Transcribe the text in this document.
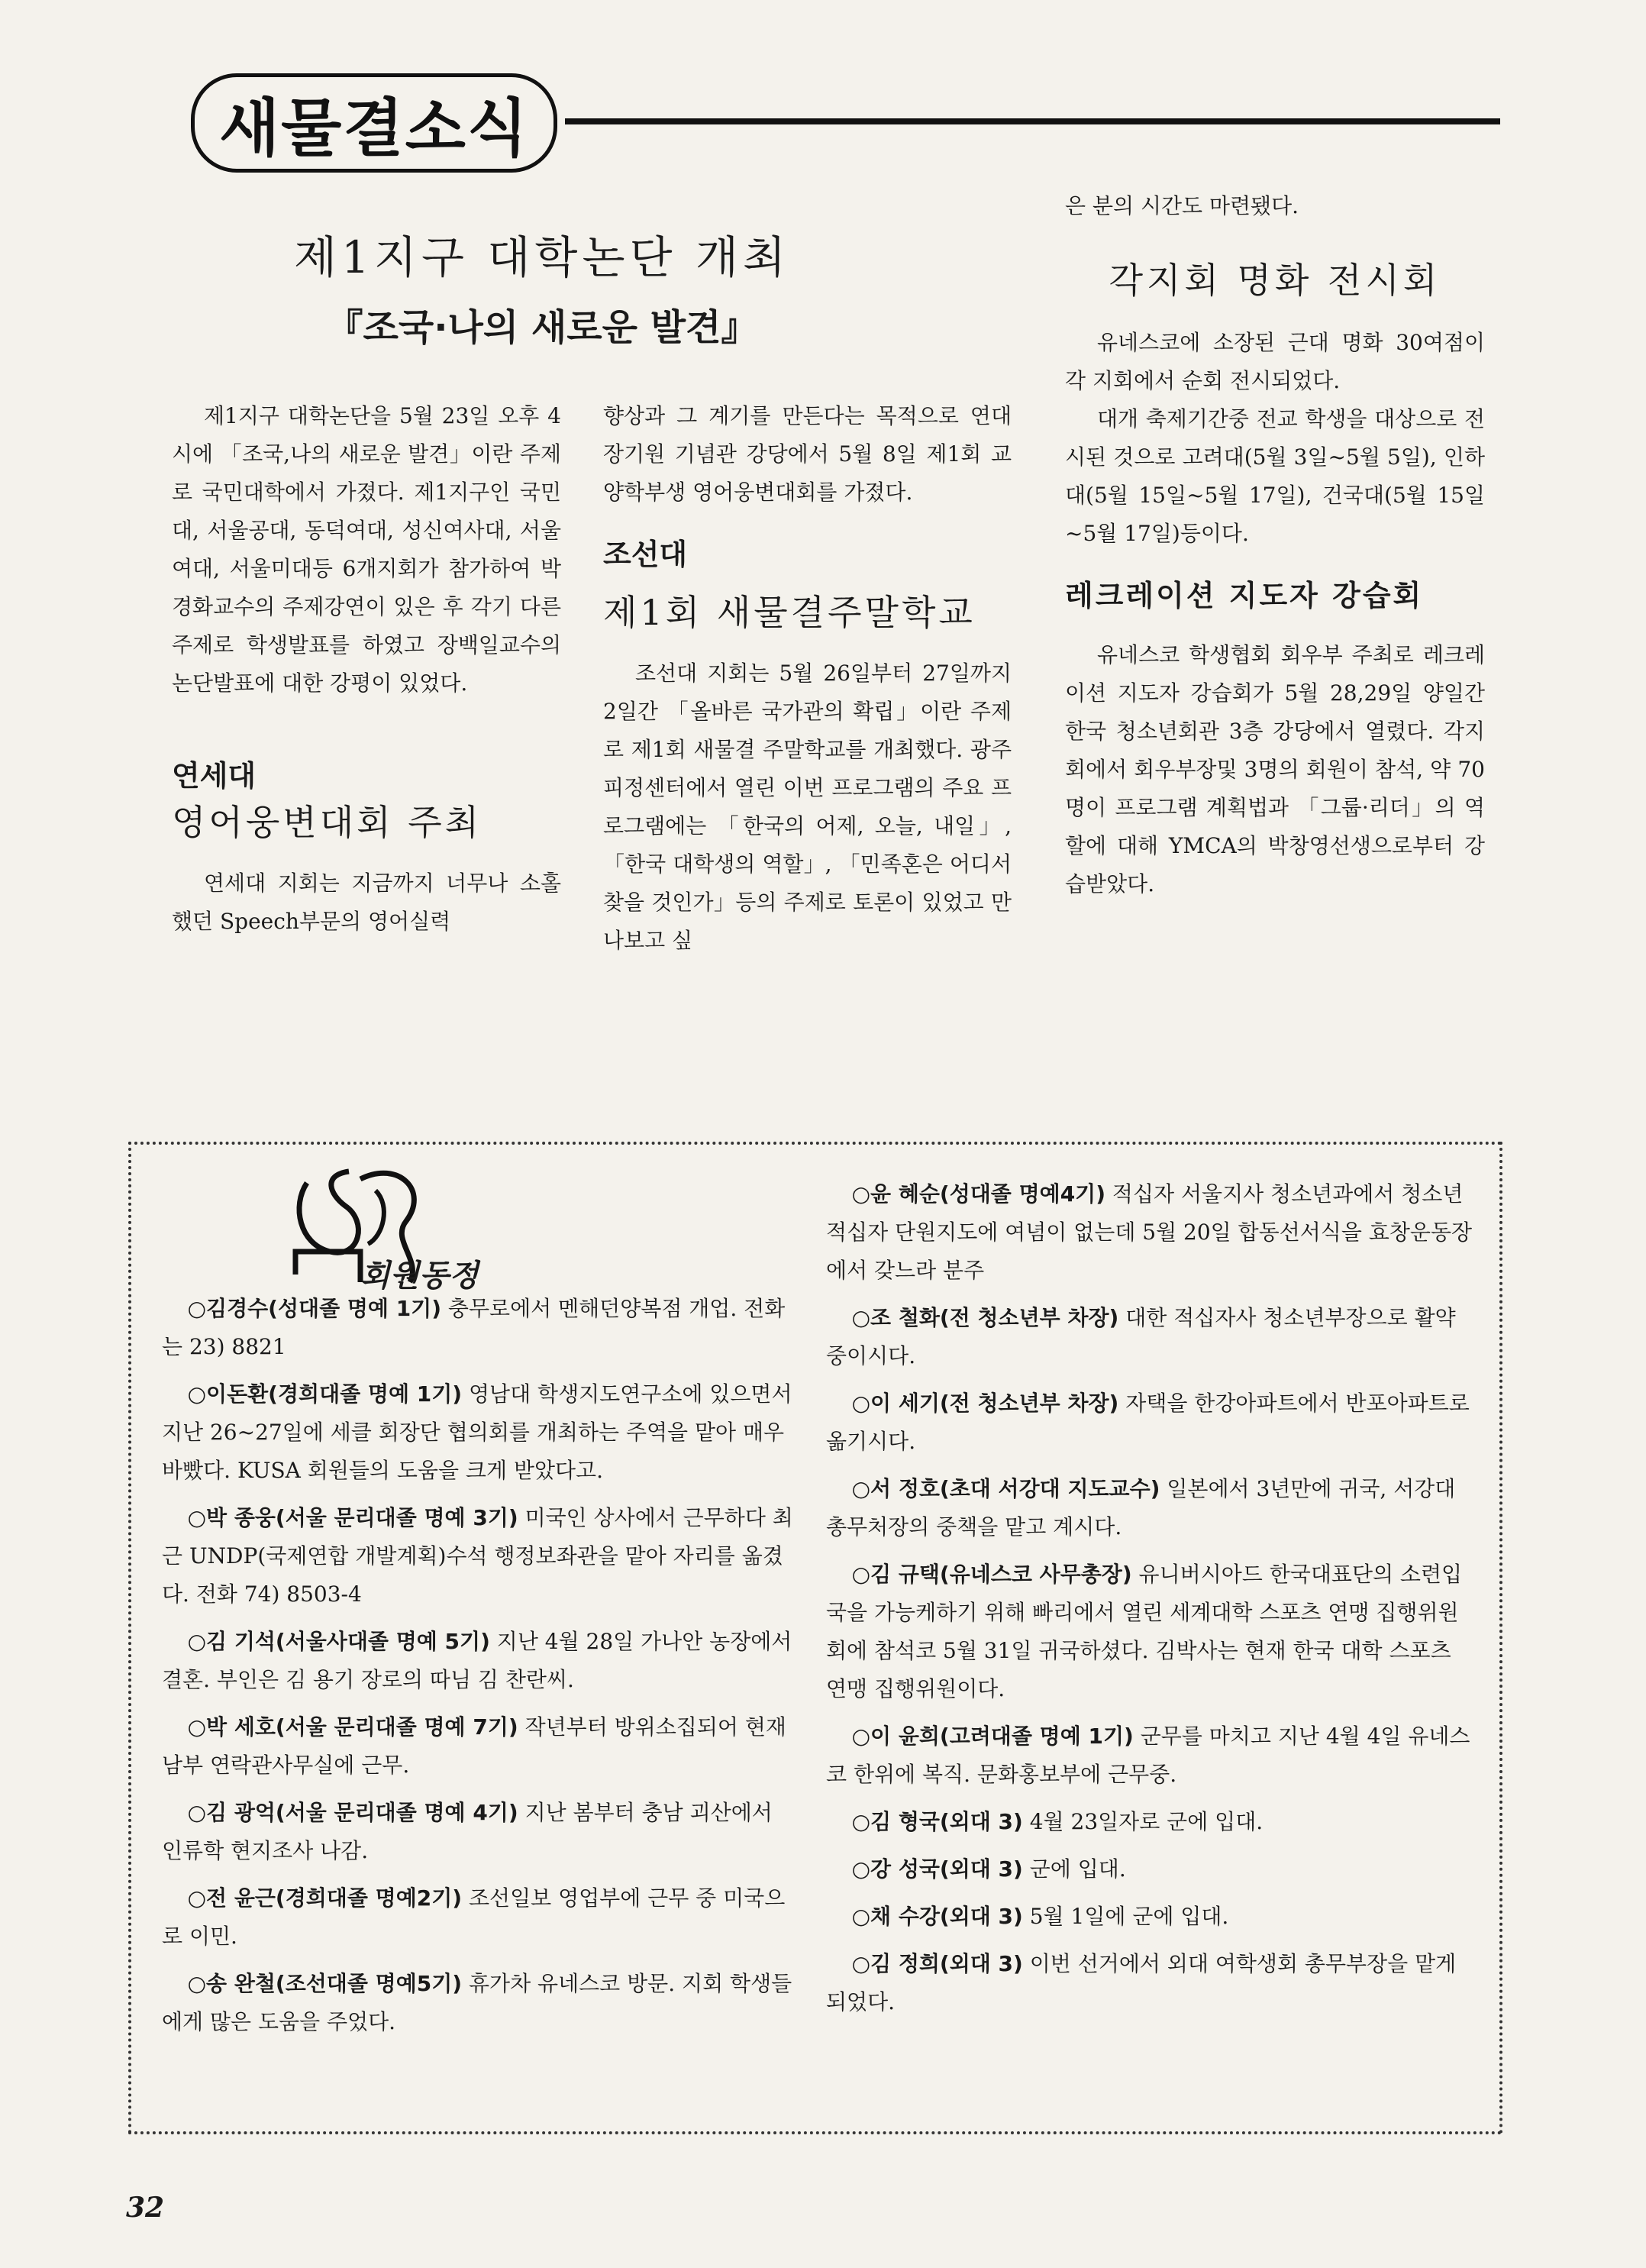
새물결소식
제1지구 대학논단 개최
『조국·나의 새로운 발견』

제1지구 대학논단을 5월 23일 오후 4시에 「조국,나의 새로운 발견」이란 주제로 국민대학에서 가졌다. 제1지구인 국민대, 서울공대, 동덕여대, 성신여사대, 서울여대, 서울미대등 6개지회가 참가하여 박경화교수의 주제강연이 있은 후 각기 다른 주제로 학생발표를 하였고 장백일교수의 논단발표에 대한 강평이 있었다.

연세대
영어웅변대회 주최

연세대 지회는 지금까지 너무나 소홀했던 Speech부문의 영어실력

향상과 그 계기를 만든다는 목적으로 연대 장기원 기념관 강당에서 5월 8일 제1회 교양학부생 영어웅변대회를 가졌다.

조선대
제1회 새물결주말학교

조선대 지회는 5월 26일부터 27일까지 2일간 「올바른 국가관의 확립」이란 주제로 제1회 새물결 주말학교를 개최했다. 광주 피정센터에서 열린 이번 프로그램의 주요 프로그램에는 「한국의 어제, 오늘, 내일」, 「한국 대학생의 역할」, 「민족혼은 어디서 찾을 것인가」등의 주제로 토론이 있었고 만나보고 싶

은 분의 시간도 마련됐다.

각지회 명화 전시회

유네스코에 소장된 근대 명화 30여점이 각 지회에서 순회 전시되었다.

대개 축제기간중 전교 학생을 대상으로 전시된 것으로 고려대(5월 3일~5월 5일), 인하대(5월 15일~5월 17일), 건국대(5월 15일~5월 17일)등이다.

레크레이션 지도자 강습회

유네스코 학생협회 회우부 주최로 레크레이션 지도자 강습회가 5월 28,29일 양일간 한국 청소년회관 3층 강당에서 열렸다. 각지회에서 회우부장및 3명의 회원이 참석, 약 70명이 프로그램 계획법과 「그룹·리더」의 역할에 대해 YMCA의 박창영선생으로부터 강습받았다.

회원동정

○김경수(성대졸 명예 1기) 충무로에서 멘해던양복점 개업. 전화는 23) 8821

○이돈환(경희대졸 명예 1기) 영남대 학생지도연구소에 있으면서 지난 26~27일에 세클 회장단 협의회를 개최하는 주역을 맡아 매우 바빴다. KUSA 회원들의 도움을 크게 받았다고.

○박 종웅(서울 문리대졸 명예 3기) 미국인 상사에서 근무하다 최근 UNDP(국제연합 개발계획)수석 행정보좌관을 맡아 자리를 옮겼다. 전화 74) 8503-4

○김 기석(서울사대졸 명예 5기) 지난 4월 28일 가나안 농장에서 결혼. 부인은 김 용기 장로의 따님 김 찬란씨.

○박 세호(서울 문리대졸 명예 7기) 작년부터 방위소집되어 현재 남부 연락관사무실에 근무.

○김 광억(서울 문리대졸 명예 4기) 지난 봄부터 충남 괴산에서 인류학 현지조사 나감.

○전 윤근(경희대졸 명예2기) 조선일보 영업부에 근무 중 미국으로 이민.

○송 완철(조선대졸 명예5기) 휴가차 유네스코 방문. 지회 학생들에게 많은 도움을 주었다.

○윤 혜순(성대졸 명예4기) 적십자 서울지사 청소년과에서 청소년 적십자 단원지도에 여념이 없는데 5월 20일 합동선서식을 효창운동장에서 갖느라 분주

○조 철화(전 청소년부 차장) 대한 적십자사 청소년부장으로 활약 중이시다.

○이 세기(전 청소년부 차장) 자택을 한강아파트에서 반포아파트로 옮기시다.

○서 정호(초대 서강대 지도교수) 일본에서 3년만에 귀국, 서강대 총무처장의 중책을 맡고 계시다.

○김 규택(유네스코 사무총장) 유니버시아드 한국대표단의 소련입국을 가능케하기 위해 빠리에서 열린 세계대학 스포츠 연맹 집행위원회에 참석코 5월 31일 귀국하셨다. 김박사는 현재 한국 대학 스포츠 연맹 집행위원이다.

○이 윤희(고려대졸 명예 1기) 군무를 마치고 지난 4월 4일 유네스코 한위에 복직. 문화홍보부에 근무중.

○김 형국(외대 3) 4월 23일자로 군에 입대.

○강 성국(외대 3) 군에 입대.

○채 수강(외대 3) 5월 1일에 군에 입대.

○김 정희(외대 3) 이번 선거에서 외대 여학생회 총무부장을 맡게되었다.

32
